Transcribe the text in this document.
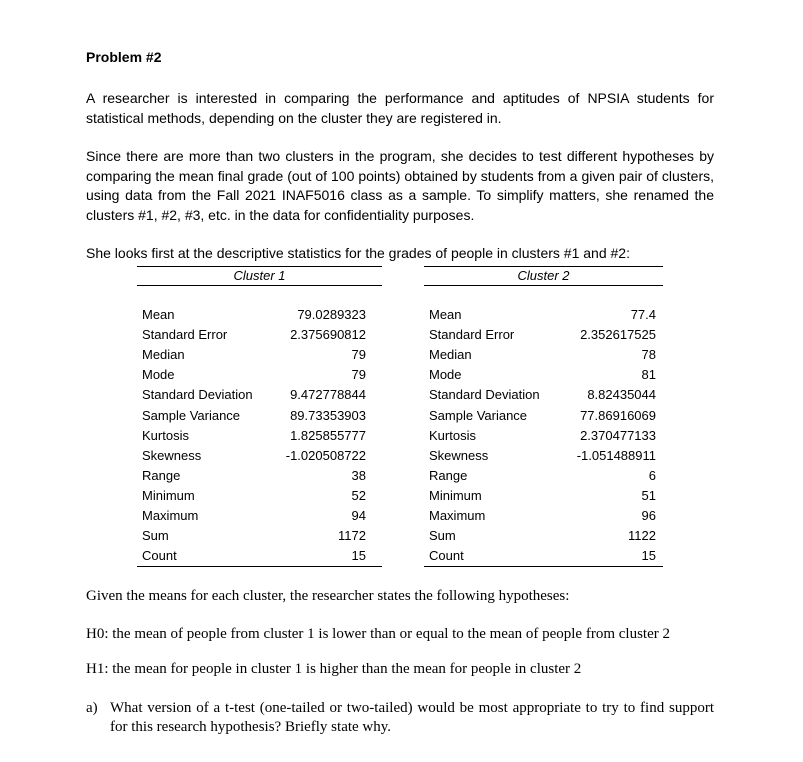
Problem #2
A researcher is interested in comparing the performance and aptitudes of NPSIA students for statistical methods, depending on the cluster they are registered in.
Since there are more than two clusters in the program, she decides to test different hypotheses by comparing the mean final grade (out of 100 points) obtained by students from a given pair of clusters, using data from the Fall 2021 INAF5016 class as a sample. To simplify matters, she renamed the clusters #1, #2, #3, etc. in the data for confidentiality purposes.
She looks first at the descriptive statistics for the grades of people in clusters #1 and #2:
Cluster 1	Cluster 2
Mean	79.0289323
Standard Error	2.375690812
Median	79
Mode	79
Standard Deviation	9.472778844
Sample Variance	89.73353903
Kurtosis	1.825855777
Skewness	-1.020508722
Range	38
Minimum	52
Maximum	94
Sum	1172
Count	15
Mean	77.4
Standard Error	2.352617525
Median	78
Mode	81
Standard Deviation	8.82435044
Sample Variance	77.86916069
Kurtosis	2.370477133
Skewness	-1.051488911
Range	6
Minimum	51
Maximum	96
Sum	1122
Count	15
Given the means for each cluster, the researcher states the following hypotheses:
H0: the mean of people from cluster 1 is lower than or equal to the mean of people from cluster 2
H1: the mean for people in cluster 1 is higher than the mean for people in cluster 2
a) What version of a t-test (one-tailed or two-tailed) would be most appropriate to try to find support for this research hypothesis? Briefly state why.
